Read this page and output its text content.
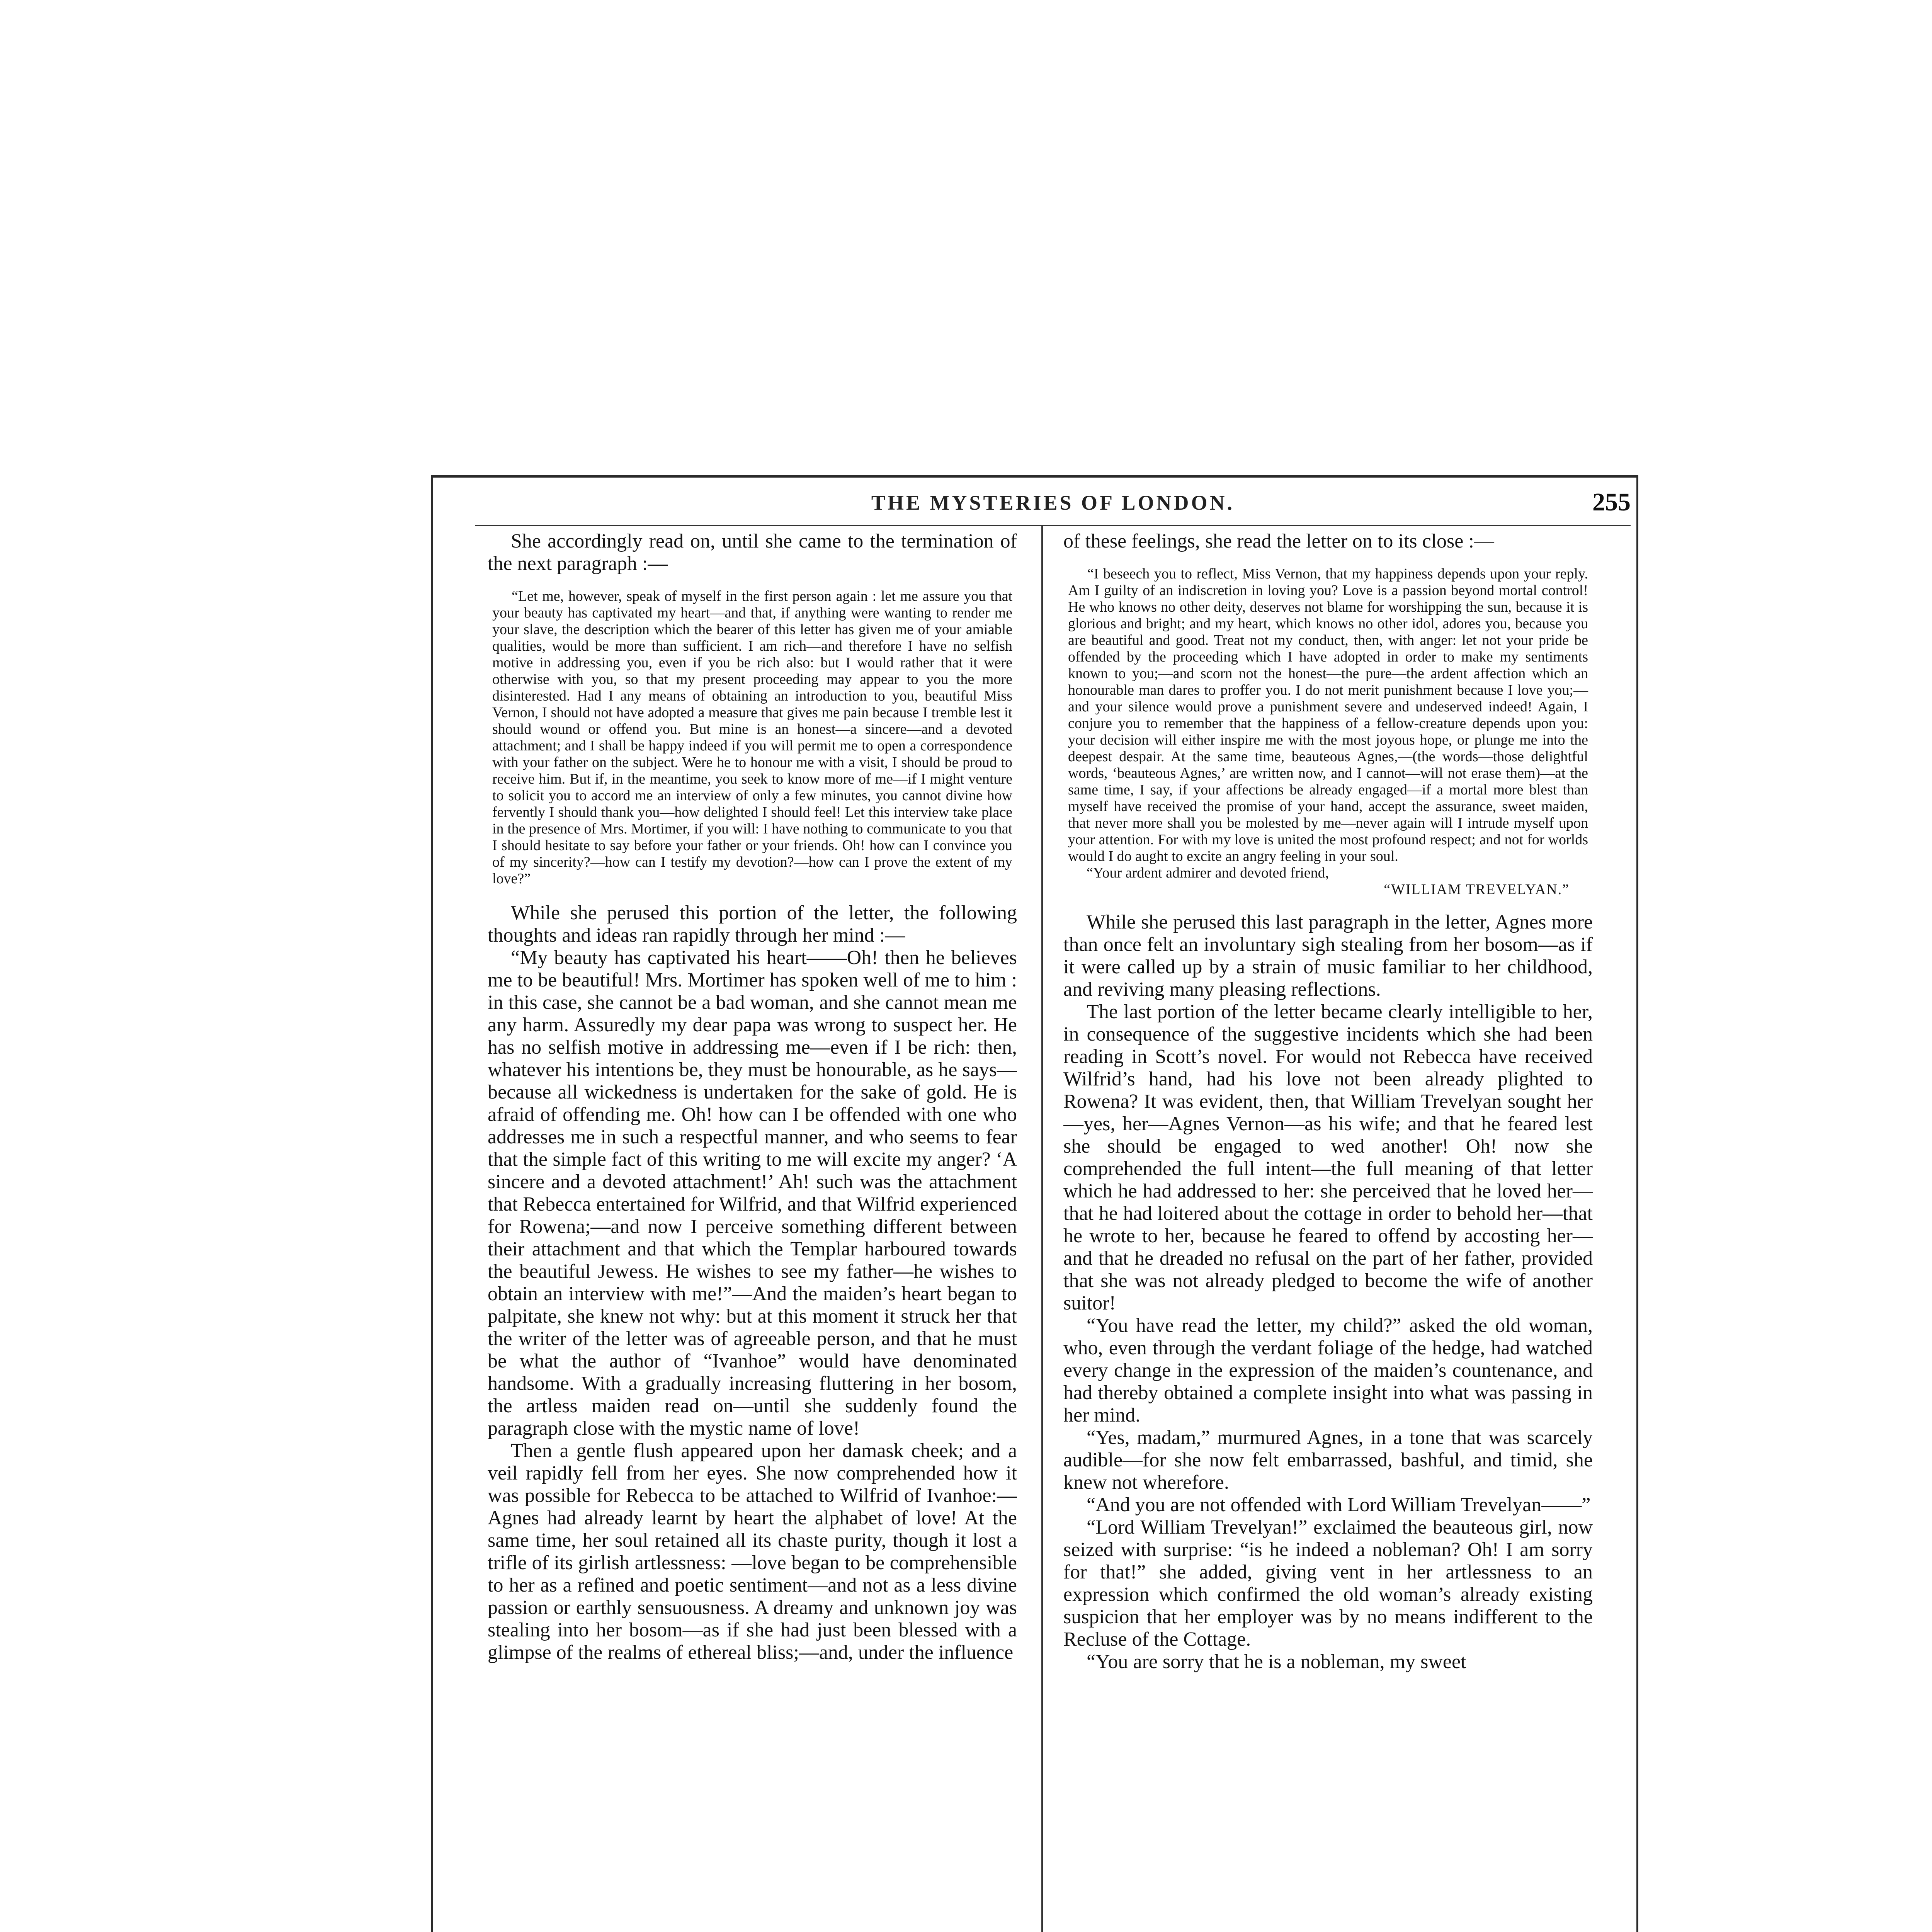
THE MYSTERIES OF LONDON.	255

She accordingly read on, until she came to the termination of the next paragraph :—

“Let me, however, speak of myself in the first person again : let me assure you that your beauty has captivated my heart—and that, if anything were wanting to render me your slave, the description which the bearer of this letter has given me of your amiable qualities, would be more than sufficient. I am rich—and therefore I have no selfish motive in addressing you, even if you be rich also: but I would rather that it were otherwise with you, so that my present proceeding may appear to you the more disinterested. Had I any means of obtaining an introduction to you, beautiful Miss Vernon, I should not have adopted a measure that gives me pain because I tremble lest it should wound or offend you. But mine is an honest—a sincere—and a devoted attachment; and I shall be happy indeed if you will permit me to open a correspondence with your father on the subject. Were he to honour me with a visit, I should be proud to receive him. But if, in the meantime, you seek to know more of me—if I might venture to solicit you to accord me an interview of only a few minutes, you cannot divine how fervently I should thank you—how delighted I should feel! Let this interview take place in the presence of Mrs. Mortimer, if you will: I have nothing to communicate to you that I should hesitate to say before your father or your friends. Oh! how can I convince you of my sincerity?—how can I testify my devotion?—how can I prove the extent of my love?”

While she perused this portion of the letter, the following thoughts and ideas ran rapidly through her mind :—

“My beauty has captivated his heart——Oh! then he believes me to be beautiful! Mrs. Mortimer has spoken well of me to him : in this case, she cannot be a bad woman, and she cannot mean me any harm. Assuredly my dear papa was wrong to suspect her. He has no selfish motive in addressing me—even if I be rich: then, whatever his intentions be, they must be honourable, as he says—because all wickedness is undertaken for the sake of gold. He is afraid of offending me. Oh! how can I be offended with one who addresses me in such a respectful manner, and who seems to fear that the simple fact of this writing to me will excite my anger? ‘A sincere and a devoted attachment!’ Ah! such was the attachment that Rebecca entertained for Wilfrid, and that Wilfrid experienced for Rowena;—and now I perceive something different between their attachment and that which the Templar harboured towards the beautiful Jewess. He wishes to see my father—he wishes to obtain an interview with me!”—And the maiden’s heart began to palpitate, she knew not why: but at this moment it struck her that the writer of the letter was of agreeable person, and that he must be what the author of “Ivanhoe” would have denominated handsome. With a gradually increasing fluttering in her bosom, the artless maiden read on—until she suddenly found the paragraph close with the mystic name of love!

Then a gentle flush appeared upon her damask cheek; and a veil rapidly fell from her eyes. She now comprehended how it was possible for Rebecca to be attached to Wilfrid of Ivanhoe:—Agnes had already learnt by heart the alphabet of love! At the same time, her soul retained all its chaste purity, though it lost a trifle of its girlish artlessness: —love began to be comprehensible to her as a refined and poetic sentiment—and not as a less divine passion or earthly sensuousness. A dreamy and unknown joy was stealing into her bosom—as if she had just been blessed with a glimpse of the realms of ethereal bliss;—and, under the influence

of these feelings, she read the letter on to its close :—

“I beseech you to reflect, Miss Vernon, that my happiness depends upon your reply. Am I guilty of an indiscretion in loving you? Love is a passion beyond mortal control! He who knows no other deity, deserves not blame for worshipping the sun, because it is glorious and bright; and my heart, which knows no other idol, adores you, because you are beautiful and good. Treat not my conduct, then, with anger: let not your pride be offended by the proceeding which I have adopted in order to make my sentiments known to you;—and scorn not the honest—the pure—the ardent affection which an honourable man dares to proffer you. I do not merit punishment because I love you;—and your silence would prove a punishment severe and undeserved indeed! Again, I conjure you to remember that the happiness of a fellow-creature depends upon you: your decision will either inspire me with the most joyous hope, or plunge me into the deepest despair. At the same time, beauteous Agnes,—(the words—those delightful words, ‘beauteous Agnes,’ are written now, and I cannot—will not erase them)—at the same time, I say, if your affections be already engaged—if a mortal more blest than myself have received the promise of your hand, accept the assurance, sweet maiden, that never more shall you be molested by me—never again will I intrude myself upon your attention. For with my love is united the most profound respect; and not for worlds would I do aught to excite an angry feeling in your soul.

“Your ardent admirer and devoted friend,

“WILLIAM TREVELYAN.”

While she perused this last paragraph in the letter, Agnes more than once felt an involuntary sigh stealing from her bosom—as if it were called up by a strain of music familiar to her childhood, and reviving many pleasing reflections.

The last portion of the letter became clearly intelligible to her, in consequence of the suggestive incidents which she had been reading in Scott’s novel. For would not Rebecca have received Wilfrid’s hand, had his love not been already plighted to Rowena? It was evident, then, that William Trevelyan sought her—yes, her—Agnes Vernon—as his wife; and that he feared lest she should be engaged to wed another! Oh! now she comprehended the full intent—the full meaning of that letter which he had addressed to her: she perceived that he loved her—that he had loitered about the cottage in order to behold her—that he wrote to her, because he feared to offend by accosting her—and that he dreaded no refusal on the part of her father, provided that she was not already pledged to become the wife of another suitor!

“You have read the letter, my child?” asked the old woman, who, even through the verdant foliage of the hedge, had watched every change in the expression of the maiden’s countenance, and had thereby obtained a complete insight into what was passing in her mind.

“Yes, madam,” murmured Agnes, in a tone that was scarcely audible—for she now felt embarrassed, bashful, and timid, she knew not wherefore.

“And you are not offended with Lord William Trevelyan——”

“Lord William Trevelyan!” exclaimed the beauteous girl, now seized with surprise: “is he indeed a nobleman? Oh! I am sorry for that!” she added, giving vent in her artlessness to an expression which confirmed the old woman’s already existing suspicion that her employer was by no means indifferent to the Recluse of the Cottage.

“You are sorry that he is a nobleman, my sweet
